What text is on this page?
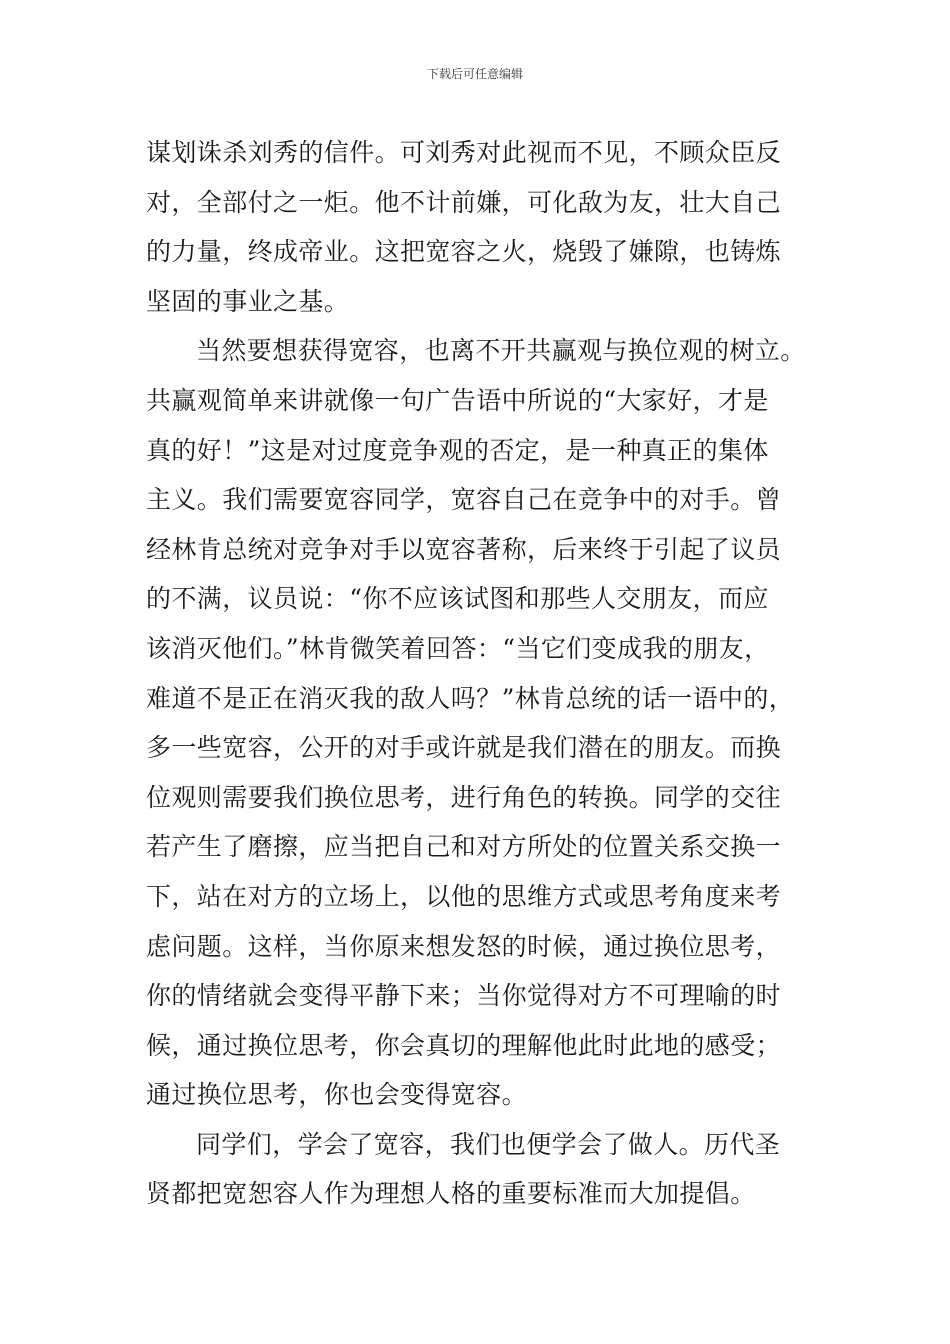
下载后可任意编辑
谋划诛杀刘秀的信件。可刘秀对此视而不见，不顾众臣反
对，全部付之一炬。他不计前嫌，可化敌为友，壮大自己
的力量，终成帝业。这把宽容之火，烧毁了嫌隙，也铸炼
坚固的事业之基。
当然要想获得宽容，也离不开共赢观与换位观的树立。
共赢观简单来讲就像一句广告语中所说的“大家好，才是
真的好！”这是对过度竞争观的否定，是一种真正的集体
主义。我们需要宽容同学，宽容自己在竞争中的对手。曾
经林肯总统对竞争对手以宽容著称，后来终于引起了议员
的不满，议员说：“你不应该试图和那些人交朋友，而应
该消灭他们。”林肯微笑着回答：“当它们变成我的朋友，
难道不是正在消灭我的敌人吗？”林肯总统的话一语中的，
多一些宽容，公开的对手或许就是我们潜在的朋友。而换
位观则需要我们换位思考，进行角色的转换。同学的交往
若产生了磨擦，应当把自己和对方所处的位置关系交换一
下，站在对方的立场上，以他的思维方式或思考角度来考
虑问题。这样，当你原来想发怒的时候，通过换位思考，
你的情绪就会变得平静下来；当你觉得对方不可理喻的时
候，通过换位思考，你会真切的理解他此时此地的感受；
通过换位思考，你也会变得宽容。
同学们，学会了宽容，我们也便学会了做人。历代圣
贤都把宽恕容人作为理想人格的重要标准而大加提倡。
